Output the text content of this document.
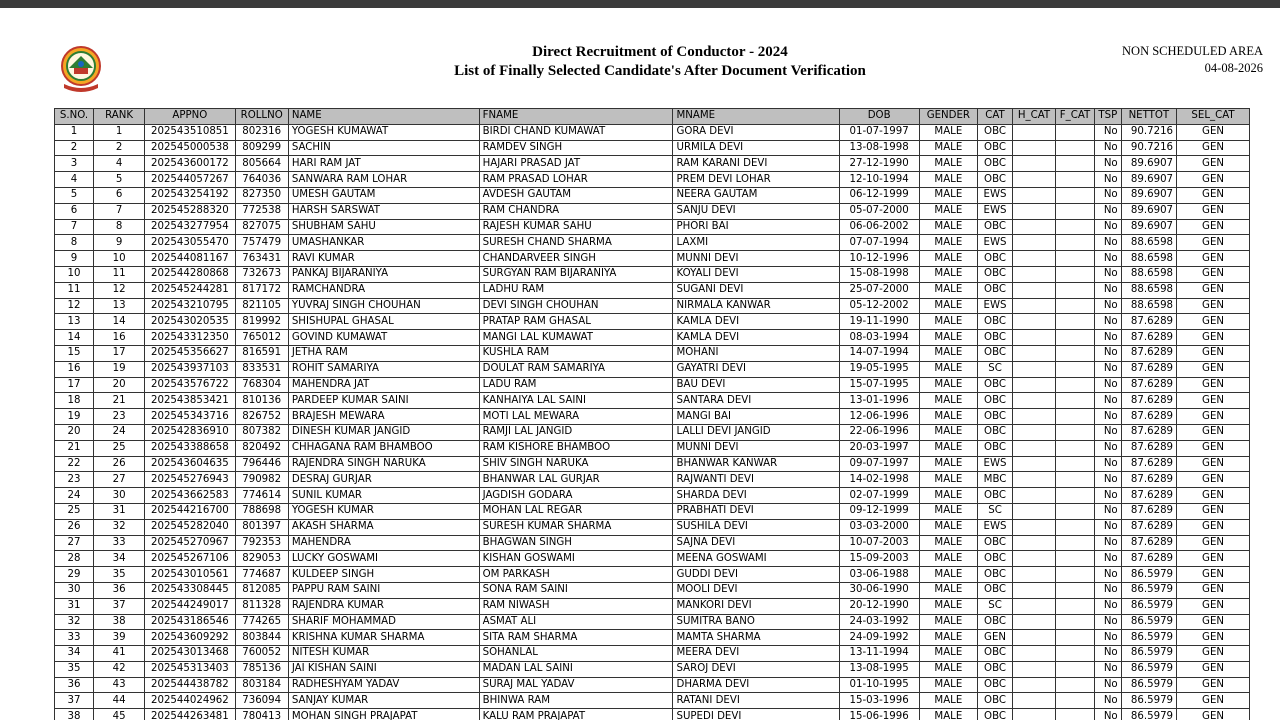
Direct Recruitment of Conductor - 2024
List of Finally Selected Candidate's After Document Verification
NON SCHEDULED AREA
04-08-2026
S.NO.	RANK	APPNO	ROLLNO	NAME	FNAME	MNAME	DOB	GENDER	CAT	H_CAT	F_CAT	TSP	NETTOT	SEL_CAT
1	1	202543510851	802316	YOGESH KUMAWAT	BIRDI CHAND KUMAWAT	GORA DEVI	01-07-1997	MALE	OBC			No	90.7216	GEN
2	2	202545000538	809299	SACHIN	RAMDEV SINGH	URMILA DEVI	13-08-1998	MALE	OBC			No	90.7216	GEN
3	4	202543600172	805664	HARI RAM JAT	HAJARI PRASAD JAT	RAM KARANI DEVI	27-12-1990	MALE	OBC			No	89.6907	GEN
4	5	202544057267	764036	SANWARA RAM LOHAR	RAM PRASAD LOHAR	PREM DEVI LOHAR	12-10-1994	MALE	OBC			No	89.6907	GEN
5	6	202543254192	827350	UMESH GAUTAM	AVDESH GAUTAM	NEERA GAUTAM	06-12-1999	MALE	EWS			No	89.6907	GEN
6	7	202545288320	772538	HARSH SARSWAT	RAM CHANDRA	SANJU DEVI	05-07-2000	MALE	EWS			No	89.6907	GEN
7	8	202543277954	827075	SHUBHAM SAHU	RAJESH KUMAR SAHU	PHORI BAI	06-06-2002	MALE	OBC			No	89.6907	GEN
8	9	202543055470	757479	UMASHANKAR	SURESH CHAND SHARMA	LAXMI	07-07-1994	MALE	EWS			No	88.6598	GEN
9	10	202544081167	763431	RAVI KUMAR	CHANDARVEER SINGH	MUNNI DEVI	10-12-1996	MALE	OBC			No	88.6598	GEN
10	11	202544280868	732673	PANKAJ BIJARANIYA	SURGYAN RAM BIJARANIYA	KOYALI DEVI	15-08-1998	MALE	OBC			No	88.6598	GEN
11	12	202545244281	817172	RAMCHANDRA	LADHU RAM	SUGANI DEVI	25-07-2000	MALE	OBC			No	88.6598	GEN
12	13	202543210795	821105	YUVRAJ SINGH CHOUHAN	DEVI SINGH CHOUHAN	NIRMALA KANWAR	05-12-2002	MALE	EWS			No	88.6598	GEN
13	14	202543020535	819992	SHISHUPAL GHASAL	PRATAP RAM GHASAL	KAMLA DEVI	19-11-1990	MALE	OBC			No	87.6289	GEN
14	16	202543312350	765012	GOVIND KUMAWAT	MANGI LAL KUMAWAT	KAMLA DEVI	08-03-1994	MALE	OBC			No	87.6289	GEN
15	17	202545356627	816591	JETHA RAM	KUSHLA RAM	MOHANI	14-07-1994	MALE	OBC			No	87.6289	GEN
16	19	202543937103	833531	ROHIT SAMARIYA	DOULAT RAM SAMARIYA	GAYATRI DEVI	19-05-1995	MALE	SC			No	87.6289	GEN
17	20	202543576722	768304	MAHENDRA JAT	LADU RAM	BAU DEVI	15-07-1995	MALE	OBC			No	87.6289	GEN
18	21	202543853421	810136	PARDEEP KUMAR SAINI	KANHAIYA LAL SAINI	SANTARA DEVI	13-01-1996	MALE	OBC			No	87.6289	GEN
19	23	202545343716	826752	BRAJESH MEWARA	MOTI LAL MEWARA	MANGI BAI	12-06-1996	MALE	OBC			No	87.6289	GEN
20	24	202542836910	807382	DINESH KUMAR JANGID	RAMJI LAL JANGID	LALLI DEVI JANGID	22-06-1996	MALE	OBC			No	87.6289	GEN
21	25	202543388658	820492	CHHAGANA RAM BHAMBOO	RAM KISHORE BHAMBOO	MUNNI DEVI	20-03-1997	MALE	OBC			No	87.6289	GEN
22	26	202543604635	796446	RAJENDRA SINGH NARUKA	SHIV SINGH NARUKA	BHANWAR KANWAR	09-07-1997	MALE	EWS			No	87.6289	GEN
23	27	202545276943	790982	DESRAJ GURJAR	BHANWAR LAL GURJAR	RAJWANTI DEVI	14-02-1998	MALE	MBC			No	87.6289	GEN
24	30	202543662583	774614	SUNIL KUMAR	JAGDISH GODARA	SHARDA DEVI	02-07-1999	MALE	OBC			No	87.6289	GEN
25	31	202544216700	788698	YOGESH KUMAR	MOHAN LAL REGAR	PRABHATI DEVI	09-12-1999	MALE	SC			No	87.6289	GEN
26	32	202545282040	801397	AKASH SHARMA	SURESH KUMAR SHARMA	SUSHILA DEVI	03-03-2000	MALE	EWS			No	87.6289	GEN
27	33	202545270967	792353	MAHENDRA	BHAGWAN SINGH	SAJNA DEVI	10-07-2003	MALE	OBC			No	87.6289	GEN
28	34	202545267106	829053	LUCKY GOSWAMI	KISHAN GOSWAMI	MEENA GOSWAMI	15-09-2003	MALE	OBC			No	87.6289	GEN
29	35	202543010561	774687	KULDEEP SINGH	OM PARKASH	GUDDI DEVI	03-06-1988	MALE	OBC			No	86.5979	GEN
30	36	202543308445	812085	PAPPU RAM SAINI	SONA RAM SAINI	MOOLI DEVI	30-06-1990	MALE	OBC			No	86.5979	GEN
31	37	202544249017	811328	RAJENDRA KUMAR	RAM NIWASH	MANKORI DEVI	20-12-1990	MALE	SC			No	86.5979	GEN
32	38	202543186546	774265	SHARIF MOHAMMAD	ASMAT ALI	SUMITRA BANO	24-03-1992	MALE	OBC			No	86.5979	GEN
33	39	202543609292	803844	KRISHNA KUMAR SHARMA	SITA RAM SHARMA	MAMTA SHARMA	24-09-1992	MALE	GEN			No	86.5979	GEN
34	41	202543013468	760052	NITESH KUMAR	SOHANLAL	MEERA DEVI	13-11-1994	MALE	OBC			No	86.5979	GEN
35	42	202545313403	785136	JAI KISHAN SAINI	MADAN LAL SAINI	SAROJ DEVI	13-08-1995	MALE	OBC			No	86.5979	GEN
36	43	202544438782	803184	RADHESHYAM YADAV	SURAJ MAL YADAV	DHARMA DEVI	01-10-1995	MALE	OBC			No	86.5979	GEN
37	44	202544024962	736094	SANJAY KUMAR	BHINWA RAM	RATANI DEVI	15-03-1996	MALE	OBC			No	86.5979	GEN
38	45	202544263481	780413	MOHAN SINGH PRAJAPAT	KALU RAM PRAJAPAT	SUPEDI DEVI	15-06-1996	MALE	OBC			No	86.5979	GEN
